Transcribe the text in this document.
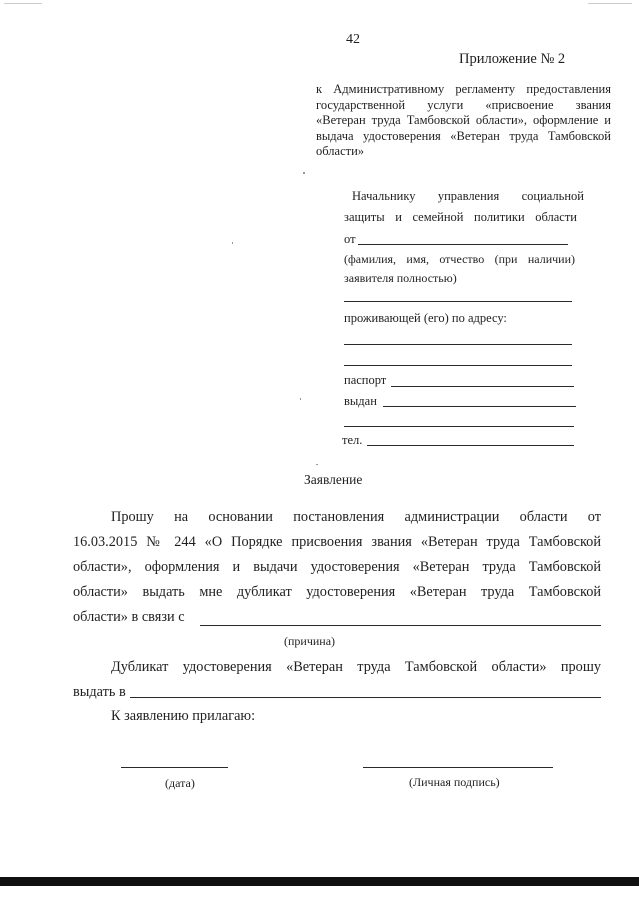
42
Приложение № 2
к Административному регламенту предоставления
государственной услуги «присвоение звания
«Ветеран труда Тамбовской области», оформление и
выдача удостоверения «Ветеран труда Тамбовской
области»
Начальнику управления социальной
защиты и семейной политики области
от
(фамилия, имя, отчество (при наличии)
заявителя полностью)
проживающей (его) по адресу:
паспорт
выдан
тел.
Заявление
Прошу на основании постановления администрации области от
16.03.2015 № 244 «О Порядке присвоения звания «Ветеран труда Тамбовской
области», оформления и выдачи удостоверения «Ветеран труда Тамбовской
области» выдать мне дубликат удостоверения «Ветеран труда Тамбовской
области» в связи с
(причина)
Дубликат удостоверения «Ветеран труда Тамбовской области» прошу
выдать в
К заявлению прилагаю:
(дата)	(Личная подпись)
